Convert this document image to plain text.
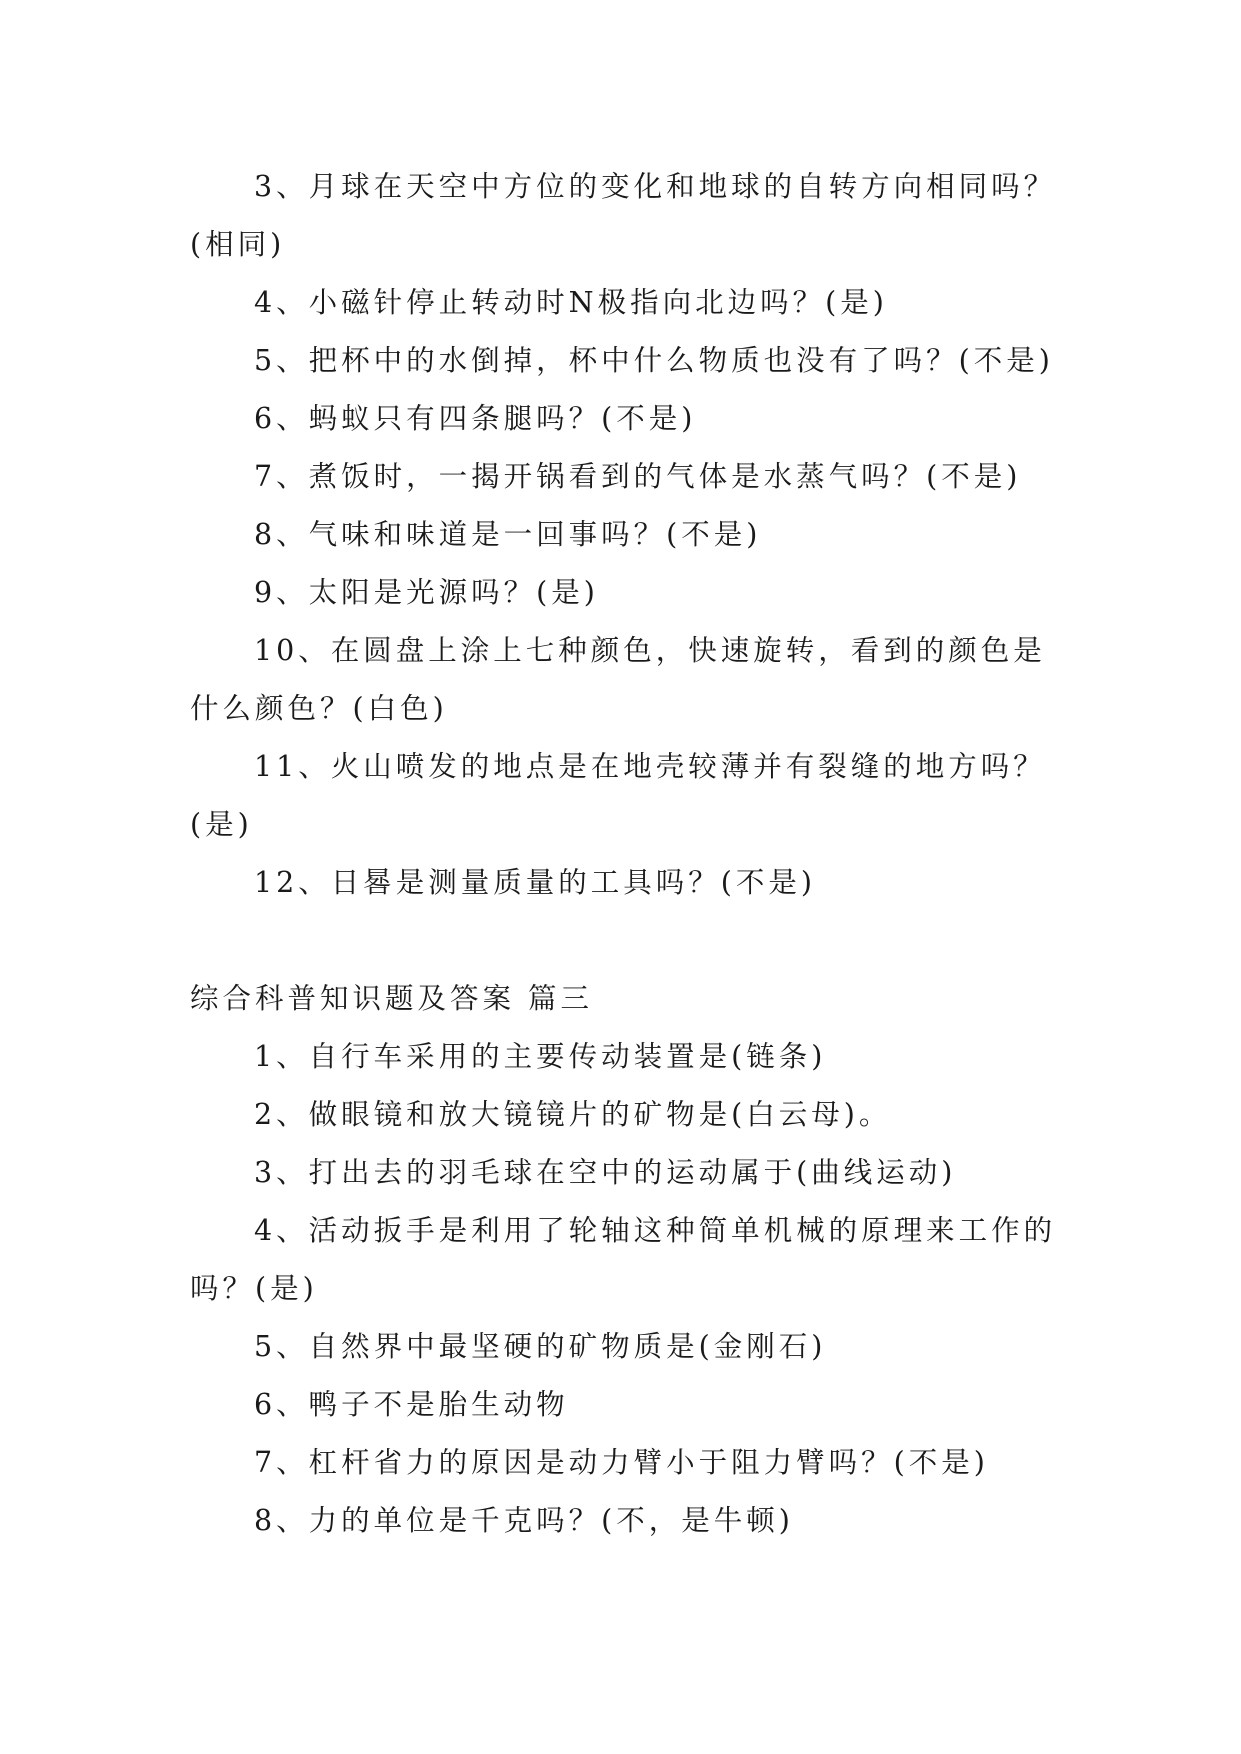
3、月球在天空中方位的变化和地球的自转方向相同吗？(相同)

4、小磁针停止转动时N极指向北边吗？(是)

5、把杯中的水倒掉，杯中什么物质也没有了吗？(不是)

6、蚂蚁只有四条腿吗？(不是)

7、煮饭时，一揭开锅看到的气体是水蒸气吗？(不是)

8、气味和味道是一回事吗？(不是)

9、太阳是光源吗？(是)

10、在圆盘上涂上七种颜色，快速旋转，看到的颜色是什么颜色？(白色)

11、火山喷发的地点是在地壳较薄并有裂缝的地方吗？(是)

12、日晷是测量质量的工具吗？(不是)

综合科普知识题及答案 篇三

1、自行车采用的主要传动装置是(链条)

2、做眼镜和放大镜镜片的矿物是(白云母)。

3、打出去的羽毛球在空中的运动属于(曲线运动)

4、活动扳手是利用了轮轴这种简单机械的原理来工作的吗？(是)

5、自然界中最坚硬的矿物质是(金刚石)

6、鸭子不是胎生动物

7、杠杆省力的原因是动力臂小于阻力臂吗？(不是)

8、力的单位是千克吗？(不，是牛顿)
